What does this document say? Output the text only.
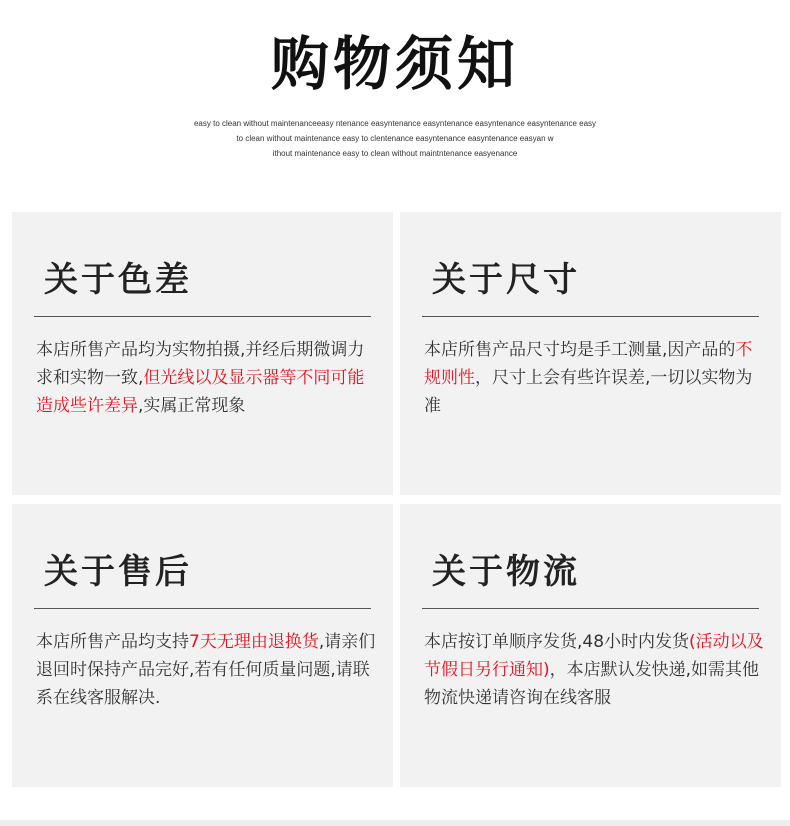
购物须知
easy to clean without maintenanceeasy ntenance easyntenance easyntenance easyntenance easyntenance easy
to clean without maintenance easy to clentenance easyntenance easyntenance easyan w
ithout maintenance easy to clean without maintntenance easyenance
关于色差
本店所售产品均为实物拍摄,并经后期微调力求和实物一致,但光线以及显示器等不同可能造成些许差异,实属正常现象
关于尺寸
本店所售产品尺寸均是手工测量,因产品的不规则性，尺寸上会有些许误差,一切以实物为准
关于售后
本店所售产品均支持7天无理由退换货,请亲们退回时保持产品完好,若有任何质量问题,请联系在线客服解决.
关于物流
本店按订单顺序发货,48小时内发货(活动以及节假日另行通知)，本店默认发快递,如需其他物流快递请咨询在线客服
